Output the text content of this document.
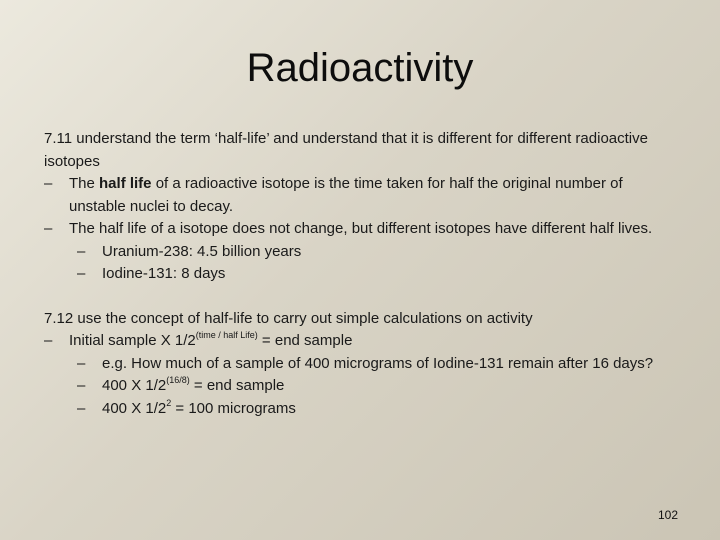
Radioactivity

7.11 understand the term ‘half-life’ and understand that it is different for different radioactive isotopes

– The half life of a radioactive isotope is the time taken for half the original number of unstable nuclei to decay.
– The half life of a isotope does not change, but different isotopes have different half lives.
– Uranium-238: 4.5 billion years
– Iodine-131: 8 days

7.12 use the concept of half-life to carry out simple calculations on activity

– Initial sample X $1/2^{(time / half Life)}$ = end sample
– e.g. How much of a sample of 400 micrograms of Iodine-131 remain after 16 days?
– 400 X $1/2^{(16/8)}$ = end sample
– 400 X $1/2^2 = 100$ micrograms
102
